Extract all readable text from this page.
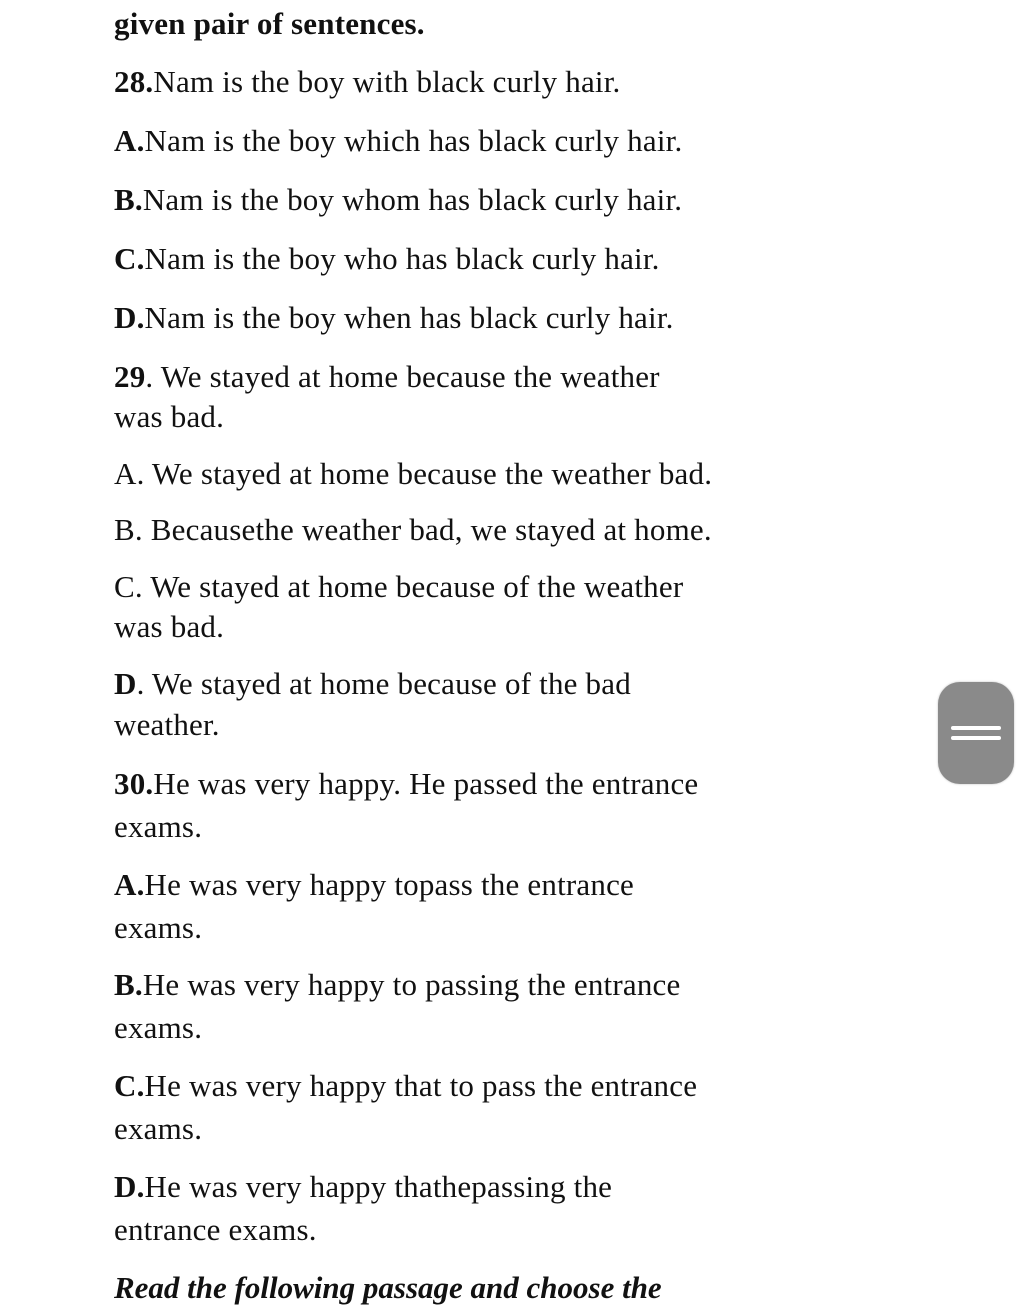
given pair of sentences.
28.Nam is the boy with black curly hair.
A.Nam is the boy which has black curly hair.
B.Nam is the boy whom has black curly hair.
C.Nam is the boy who has black curly hair.
D.Nam is the boy when has black curly hair.
29. We stayed at home because the weather
was bad.
A. We stayed at home because the weather bad.
B. Becausethe weather bad, we stayed at home.
C. We stayed at home because of the weather
was bad.
D. We stayed at home because of the bad
weather.
30.He was very happy. He passed the entrance
exams.
A.He was very happy topass the entrance
exams.
B.He was very happy to passing the entrance
exams.
C.He was very happy that to pass the entrance
exams.
D.He was very happy thathepassing the
entrance exams.
Read the following passage and choose the
